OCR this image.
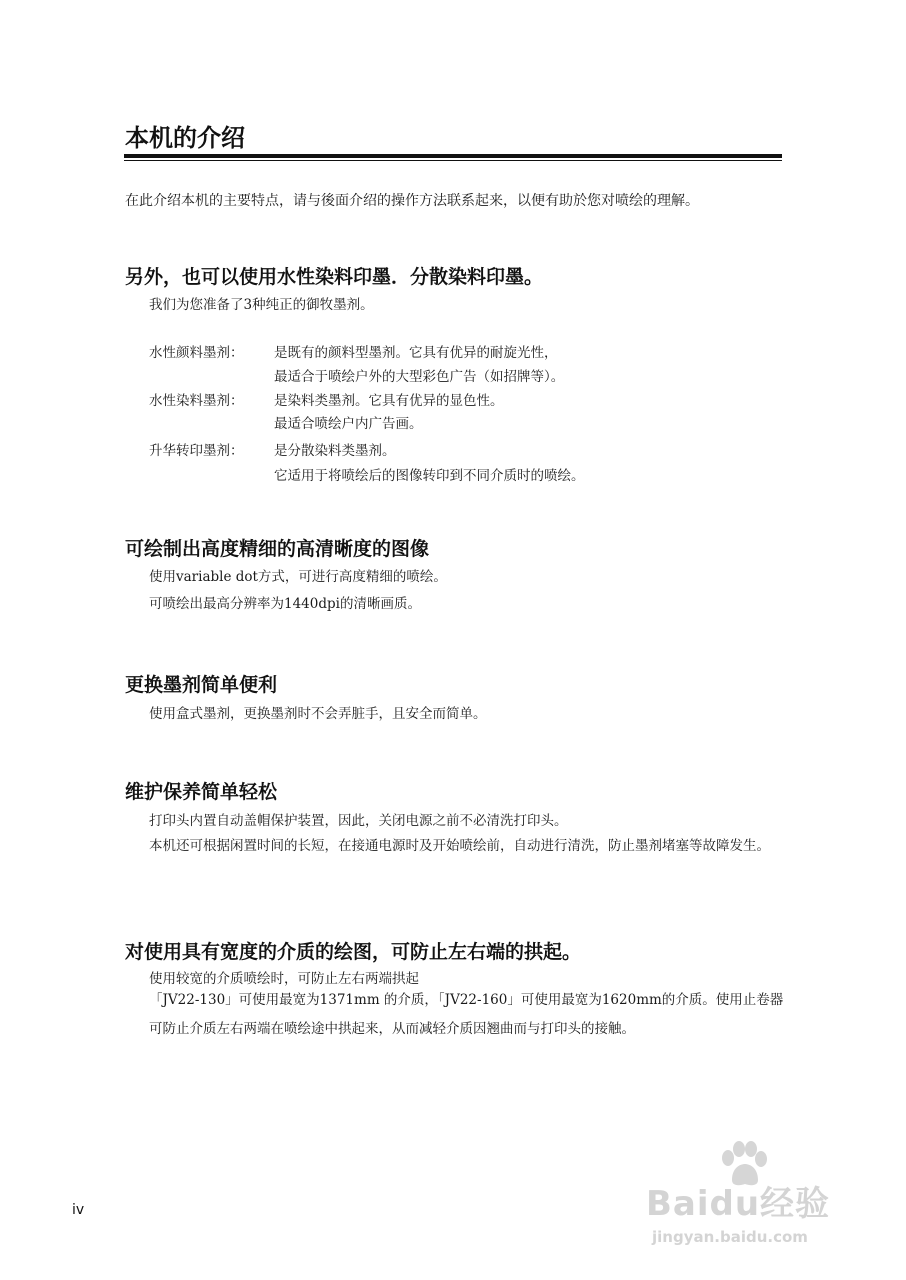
本机的介绍

在此介绍本机的主要特点，请与後面介绍的操作方法联系起来，以便有助於您对喷绘的理解。

另外，也可以使用水性染料印墨．分散染料印墨。

我们为您准备了3种纯正的御牧墨剂。

水性颜料墨剂： 是既有的颜料型墨剂。它具有优异的耐旋光性，
最适合于喷绘户外的大型彩色广告（如招牌等）。
水性染料墨剂： 是染料类墨剂。它具有优异的显色性。
最适合喷绘户内广告画。
升华转印墨剂： 是分散染料类墨剂。
它适用于将喷绘后的图像转印到不同介质时的喷绘。
可绘制出高度精细的高清晰度的图像

使用variable dot方式，可进行高度精细的喷绘。

可喷绘出最高分辨率为1440dpi的清晰画质。

更换墨剂简单便利

使用盒式墨剂，更换墨剂时不会弄脏手，且安全而简单。

维护保养简单轻松

打印头内置自动盖帽保护装置，因此，关闭电源之前不必清洗打印头。

本机还可根据闲置时间的长短，在接通电源时及开始喷绘前，自动进行清洗，防止墨剂堵塞等故障发生。

对使用具有宽度的介质的绘图，可防止左右端的拱起。

使用较宽的介质喷绘时，可防止左右两端拱起

「JV22-130」可使用最宽为1371mm 的介质，「JV22-160」可使用最宽为1620mm的介质。使用止卷器可防止介质左右两端在喷绘途中拱起来，从而减轻介质因翘曲而与打印头的接触。

iv	Baidu经验
jingyan.baidu.com
